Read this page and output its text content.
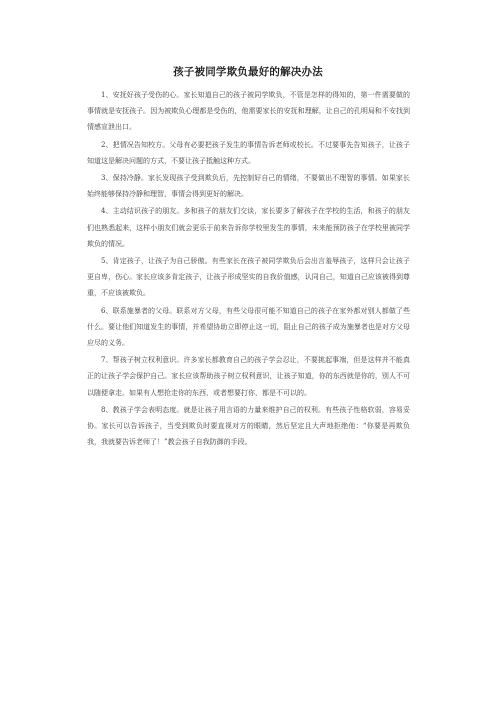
孩子被同学欺负最好的解决办法

1、安抚好孩子受伤的心。家长知道自己的孩子被同学欺负，不管是怎样的得知的，第一件需要做的事情就是安抚孩子。因为被欺负心理都是受伤的，他需要家长的安抚和理解，让自己的孔明局和不安找到情感宣泄出口。

2、把情况告知校方。父母有必要把孩子发生的事情告诉老师或校长。不过要事先告知孩子，让孩子知道这是解决问题的方式，不要让孩子抵触这种方式。

3、保持冷静。家长发现孩子受到欺负后，先控制好自己的情绪，不要做出不理智的事情。如果家长始终能够保持冷静和理智，事情会得到更好的解决。

4、主动结识孩子的朋友。多和孩子的朋友们交谈，家长要多了解孩子在学校的生活，和孩子的朋友们也熟悉起来，这样小朋友们就会更乐于前来告诉你学校里发生的事情，未来能预防孩子在学校里被同学欺负的情况。

5、肯定孩子，让孩子为自己骄傲。有些家长在孩子被同学欺负后会出言羞辱孩子，这样只会让孩子更自卑，伤心。家长应该多肯定孩子，让孩子形成坚实的自我价值感，认同自己，知道自己应该被得到尊重，不应该被欺负。

6、联系施暴者的父母。联系对方父母，有些父母很可能不知道自己的孩子在家外都对别人都做了些什么。要让他们知道发生的事情，并希望协助立即停止这一切，阻止自己的孩子成为施暴者也是对方父母应尽的义务。

7、帮孩子树立权利意识。许多家长都教育自己的孩子学会忍让，不要挑起事端，但是这样并不能真正的让孩子学会保护自己。家长应该帮助孩子树立权利意识，让孩子知道，你的东西就是你的，别人不可以随便拿走。如果有人想抢走你的东西，或者想要打你，都是不可以的。

8、教孩子学会表明态度。就是让孩子用言语的力量来维护自己的权利。有些孩子性格软弱，容易妥协。家长可以告诉孩子，当受到欺负时要直视对方的眼睛，然后坚定且大声地拒绝他：“你要是再欺负我，我就要告诉老师了！”教会孩子自我防御的手段。
